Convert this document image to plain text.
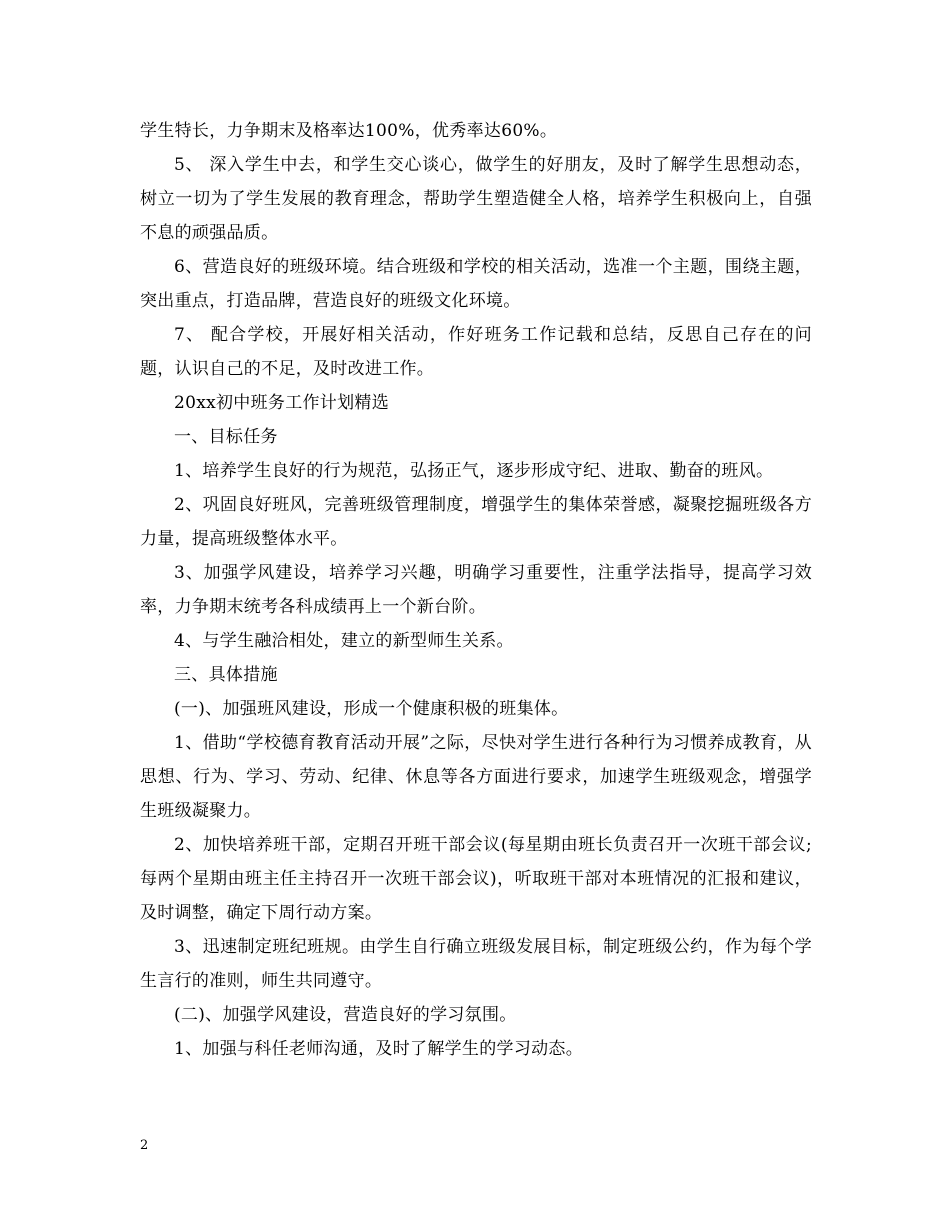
学生特长，力争期末及格率达100%，优秀率达60%。

5、 深入学生中去，和学生交心谈心，做学生的好朋友，及时了解学生思想动态，树立一切为了学生发展的教育理念，帮助学生塑造健全人格，培养学生积极向上，自强不息的顽强品质。

6、营造良好的班级环境。结合班级和学校的相关活动，选准一个主题，围绕主题，突出重点，打造品牌，营造良好的班级文化环境。

7、 配合学校，开展好相关活动，作好班务工作记载和总结，反思自己存在的问题，认识自己的不足，及时改进工作。

20xx初中班务工作计划精选

一、目标任务

1、培养学生良好的行为规范，弘扬正气，逐步形成守纪、进取、勤奋的班风。

2、巩固良好班风，完善班级管理制度，增强学生的集体荣誉感，凝聚挖掘班级各方力量，提高班级整体水平。

3、加强学风建设，培养学习兴趣，明确学习重要性，注重学法指导，提高学习效率，力争期末统考各科成绩再上一个新台阶。

4、与学生融洽相处，建立的新型师生关系。

三、具体措施

(一)、加强班风建设，形成一个健康积极的班集体。

1、借助“学校德育教育活动开展”之际，尽快对学生进行各种行为习惯养成教育，从思想、行为、学习、劳动、纪律、休息等各方面进行要求，加速学生班级观念，增强学生班级凝聚力。

2、加快培养班干部，定期召开班干部会议(每星期由班长负责召开一次班干部会议;每两个星期由班主任主持召开一次班干部会议)，听取班干部对本班情况的汇报和建议，及时调整，确定下周行动方案。

3、迅速制定班纪班规。由学生自行确立班级发展目标，制定班级公约，作为每个学生言行的准则，师生共同遵守。

(二)、加强学风建设，营造良好的学习氛围。

1、加强与科任老师沟通，及时了解学生的学习动态。

2
